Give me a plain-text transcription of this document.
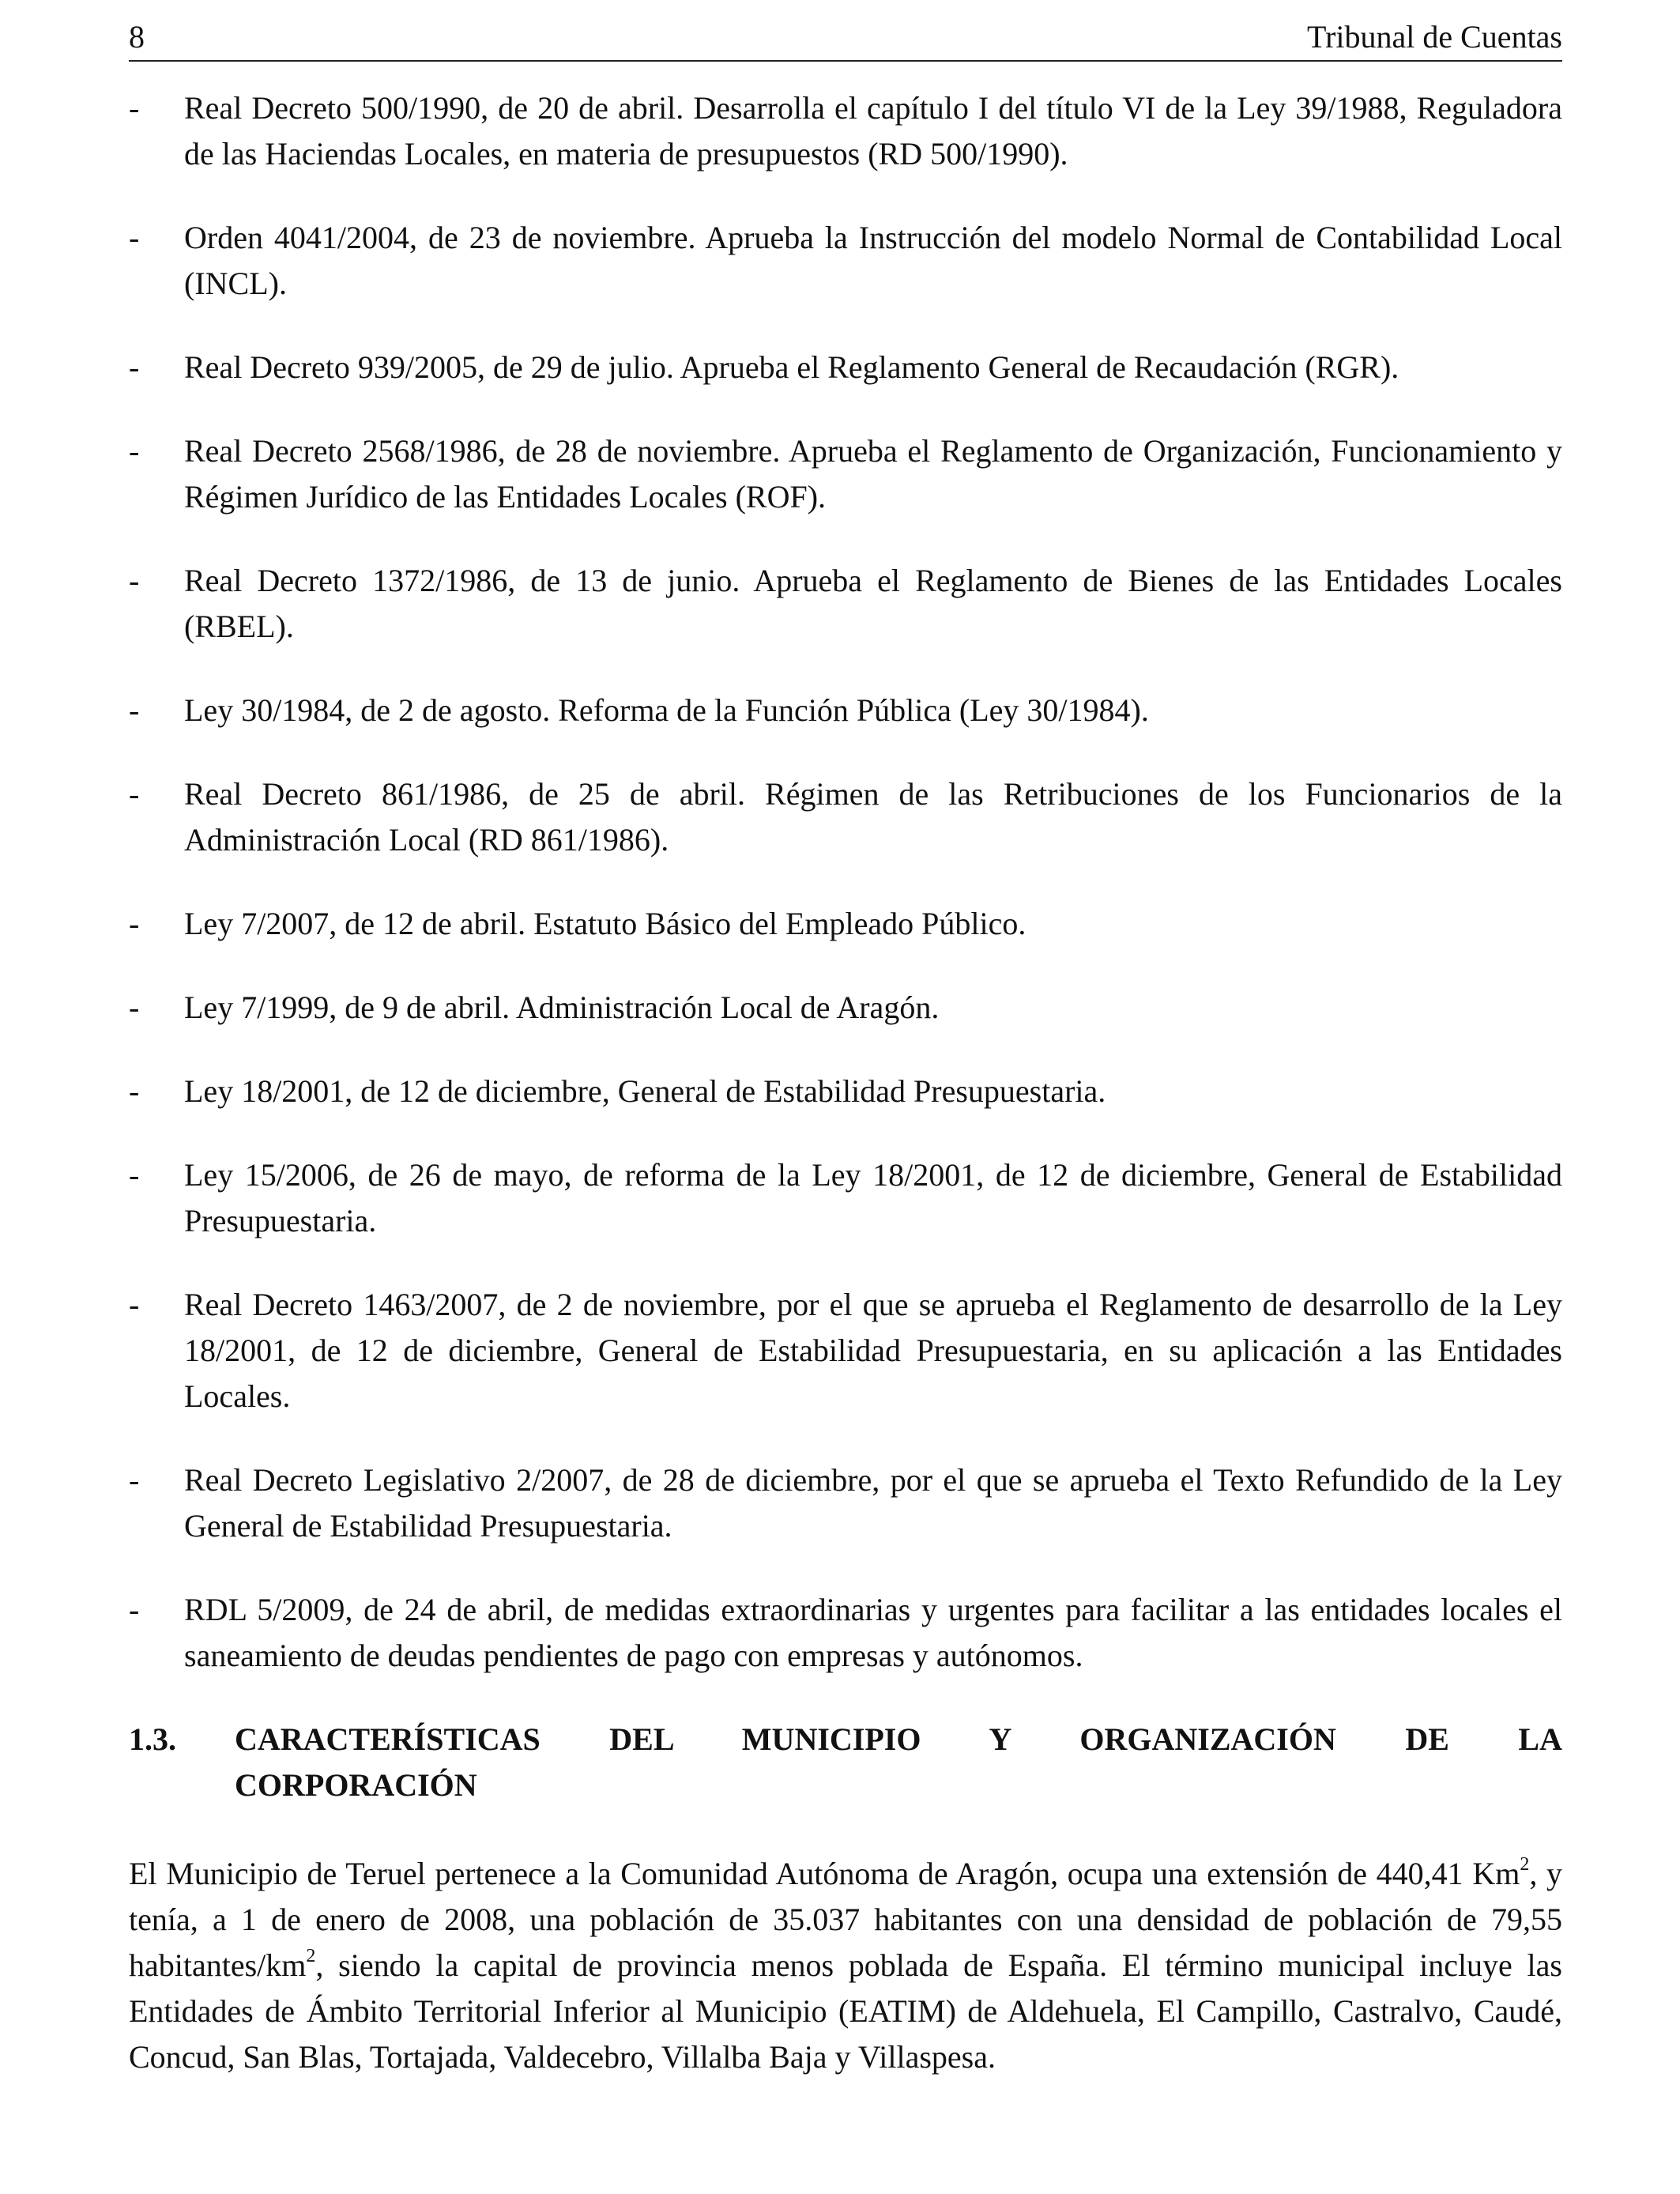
8	Tribunal de Cuentas
- Real Decreto 500/1990, de 20 de abril. Desarrolla el capítulo I del título VI de la Ley 39/1988, Reguladora de las Haciendas Locales, en materia de presupuestos (RD 500/1990).
- Orden 4041/2004, de 23 de noviembre. Aprueba la Instrucción del modelo Normal de Contabilidad Local (INCL).
- Real Decreto 939/2005, de 29 de julio. Aprueba el Reglamento General de Recaudación (RGR).
- Real Decreto 2568/1986, de 28 de noviembre. Aprueba el Reglamento de Organización, Funcionamiento y Régimen Jurídico de las Entidades Locales (ROF).
- Real Decreto 1372/1986, de 13 de junio. Aprueba el Reglamento de Bienes de las Entidades Locales (RBEL).
- Ley 30/1984, de 2 de agosto. Reforma de la Función Pública (Ley 30/1984).
- Real Decreto 861/1986, de 25 de abril. Régimen de las Retribuciones de los Funcionarios de la Administración Local (RD 861/1986).
- Ley 7/2007, de 12 de abril. Estatuto Básico del Empleado Público.
- Ley 7/1999, de 9 de abril. Administración Local de Aragón.
- Ley 18/2001, de 12 de diciembre, General de Estabilidad Presupuestaria.
- Ley 15/2006, de 26 de mayo, de reforma de la Ley 18/2001, de 12 de diciembre, General de Estabilidad Presupuestaria.
- Real Decreto 1463/2007, de 2 de noviembre, por el que se aprueba el Reglamento de desarrollo de la Ley 18/2001, de 12 de diciembre, General de Estabilidad Presupuestaria, en su aplicación a las Entidades Locales.
- Real Decreto Legislativo 2/2007, de 28 de diciembre, por el que se aprueba el Texto Refundido de la Ley General de Estabilidad Presupuestaria.
- RDL 5/2009, de 24 de abril, de medidas extraordinarias y urgentes para facilitar a las entidades locales el saneamiento de deudas pendientes de pago con empresas y autónomos.
1.3.	CARACTERÍSTICAS DEL MUNICIPIO Y ORGANIZACIÓN DE LA
CORPORACIÓN

El Municipio de Teruel pertenece a la Comunidad Autónoma de Aragón, ocupa una extensión de 440,41 Km$^2$, y tenía, a 1 de enero de 2008, una población de 35.037 habitantes con una densidad de población de 79,55 habitantes/$km^2$, siendo la capital de provincia menos poblada de España. El término municipal incluye las Entidades de Ámbito Territorial Inferior al Municipio (EATIM) de Aldehuela, El Campillo, Castralvo, Caudé, Concud, San Blas, Tortajada, Valdecebro, Villalba Baja y Villaspesa.
